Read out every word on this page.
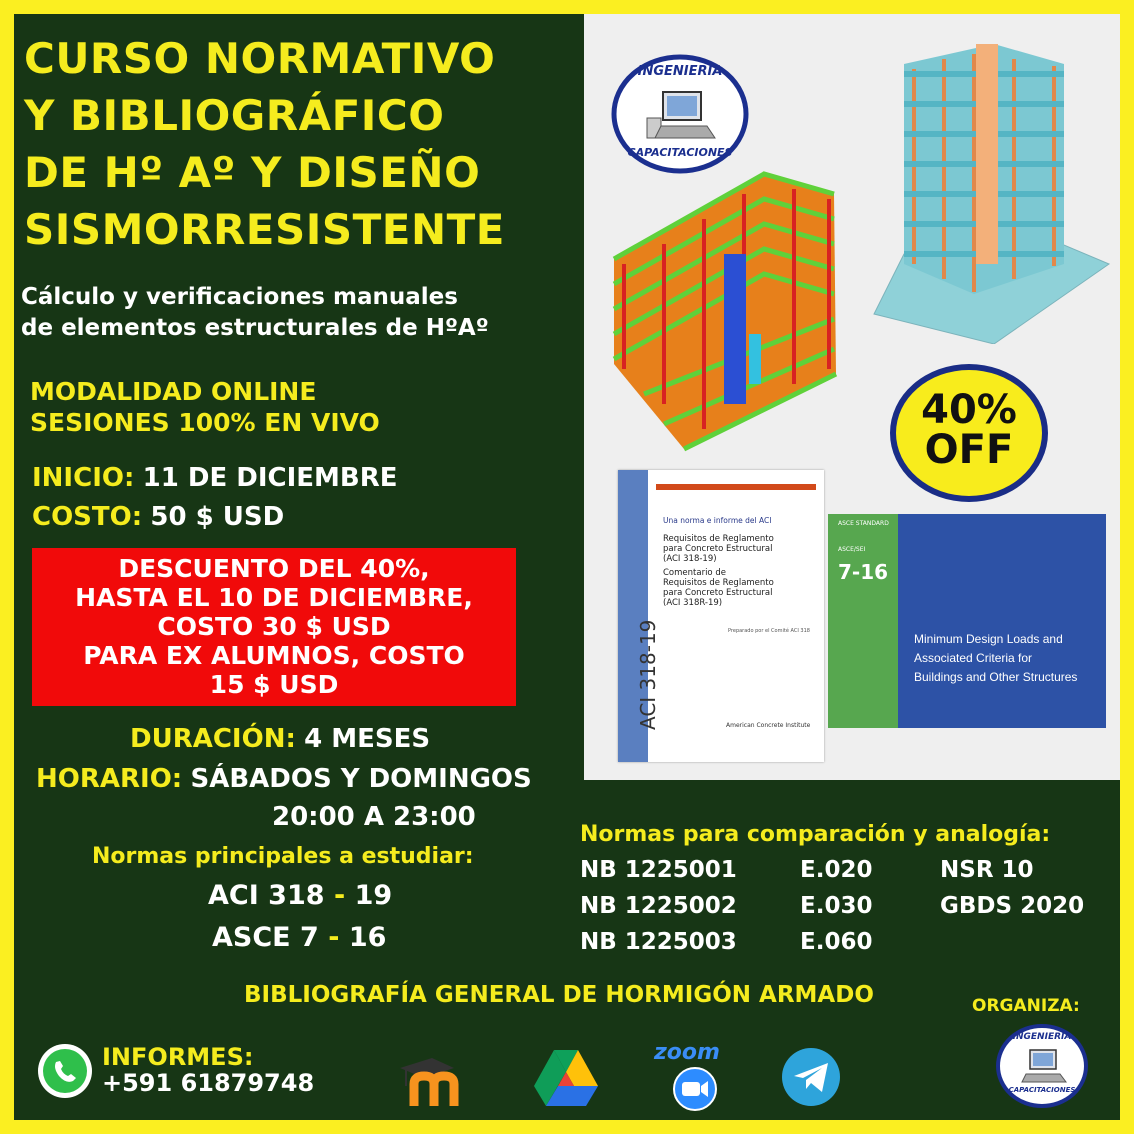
CURSO NORMATIVO
Y BIBLIOGRÁFICO
DE Hº Aº Y DISEÑO
SISMORRESISTENTE
Cálculo y verificaciones manuales
de elementos estructurales de HºAº
MODALIDAD ONLINE
SESIONES 100% EN VIVO
INICIO: 11 DE DICIEMBRE
COSTO: 50 $ USD
DESCUENTO DEL 40%,
HASTA EL 10 DE DICIEMBRE,
COSTO 30 $ USD
PARA EX ALUMNOS, COSTO
15 $ USD
DURACIÓN: 4 MESES
HORARIO: SÁBADOS Y DOMINGOS
20:00 A 23:00
Normas principales a estudiar:
ACI 318 - 19
ASCE 7 - 16
INGENIERÍA
CAPACITACIONES
40%
OFF
Una norma e informe del ACI
Requisitos de Reglamento
para Concreto Estructural
(ACI 318-19)
Comentario de
Requisitos de Reglamento
para Concreto Estructural
(ACI 318R-19)
Preparado por el Comité ACI 318
ACI 318-19	American Concrete Institute
ASCE STANDARD
ASCE/SEI
7-16
Minimum Design Loads and
Associated Criteria for
Buildings and Other Structures
Normas para comparación y analogía:
NB 1225001
NB 1225002
NB 1225003
E.020
E.030
E.060
NSR 10
GBDS 2020
BIBLIOGRAFÍA GENERAL DE HORMIGÓN ARMADO
INFORMES:
+591 61879748
zoom
ORGANIZA:
INGENIERÍA
CAPACITACIONES
